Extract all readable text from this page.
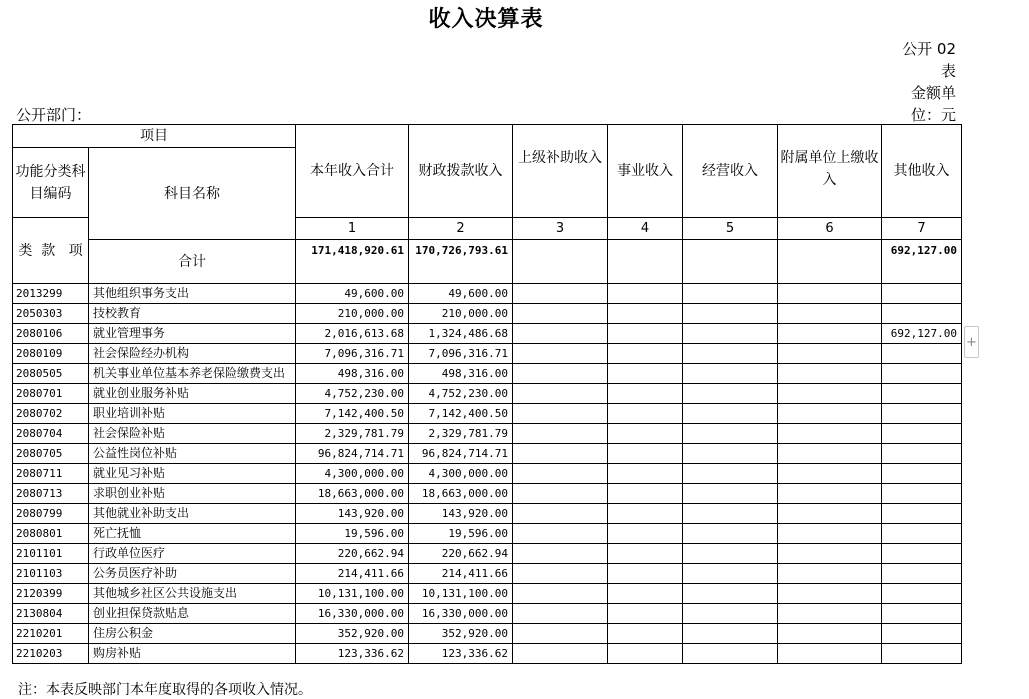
收入决算表
公开 02 表
金额单位：元
公开部门：
+
项目		本年收入合计	财政拨款收入	上级补助收入	事业收入	经营收入	附属单位上缴收入	其他收入
功能分类科目编码	科目名称							
类 款 项		1	2	3	4	5	6	7
	合计	171,418,920.61	170,726,793.61					692,127.00
2013299	其他组织事务支出	49,600.00	49,600.00					
2050303	技校教育	210,000.00	210,000.00					
2080106	就业管理事务	2,016,613.68	1,324,486.68					692,127.00
2080109	社会保险经办机构	7,096,316.71	7,096,316.71					
2080505	机关事业单位基本养老保险缴费支出	498,316.00	498,316.00					
2080701	就业创业服务补贴	4,752,230.00	4,752,230.00					
2080702	职业培训补贴	7,142,400.50	7,142,400.50					
2080704	社会保险补贴	2,329,781.79	2,329,781.79					
2080705	公益性岗位补贴	96,824,714.71	96,824,714.71					
2080711	就业见习补贴	4,300,000.00	4,300,000.00					
2080713	求职创业补贴	18,663,000.00	18,663,000.00					
2080799	其他就业补助支出	143,920.00	143,920.00					
2080801	死亡抚恤	19,596.00	19,596.00					
2101101	行政单位医疗	220,662.94	220,662.94					
2101103	公务员医疗补助	214,411.66	214,411.66					
2120399	其他城乡社区公共设施支出	10,131,100.00	10,131,100.00					
2130804	创业担保贷款贴息	16,330,000.00	16,330,000.00					
2210201	住房公积金	352,920.00	352,920.00					
2210203	购房补贴	123,336.62	123,336.62					
注：本表反映部门本年度取得的各项收入情况。
